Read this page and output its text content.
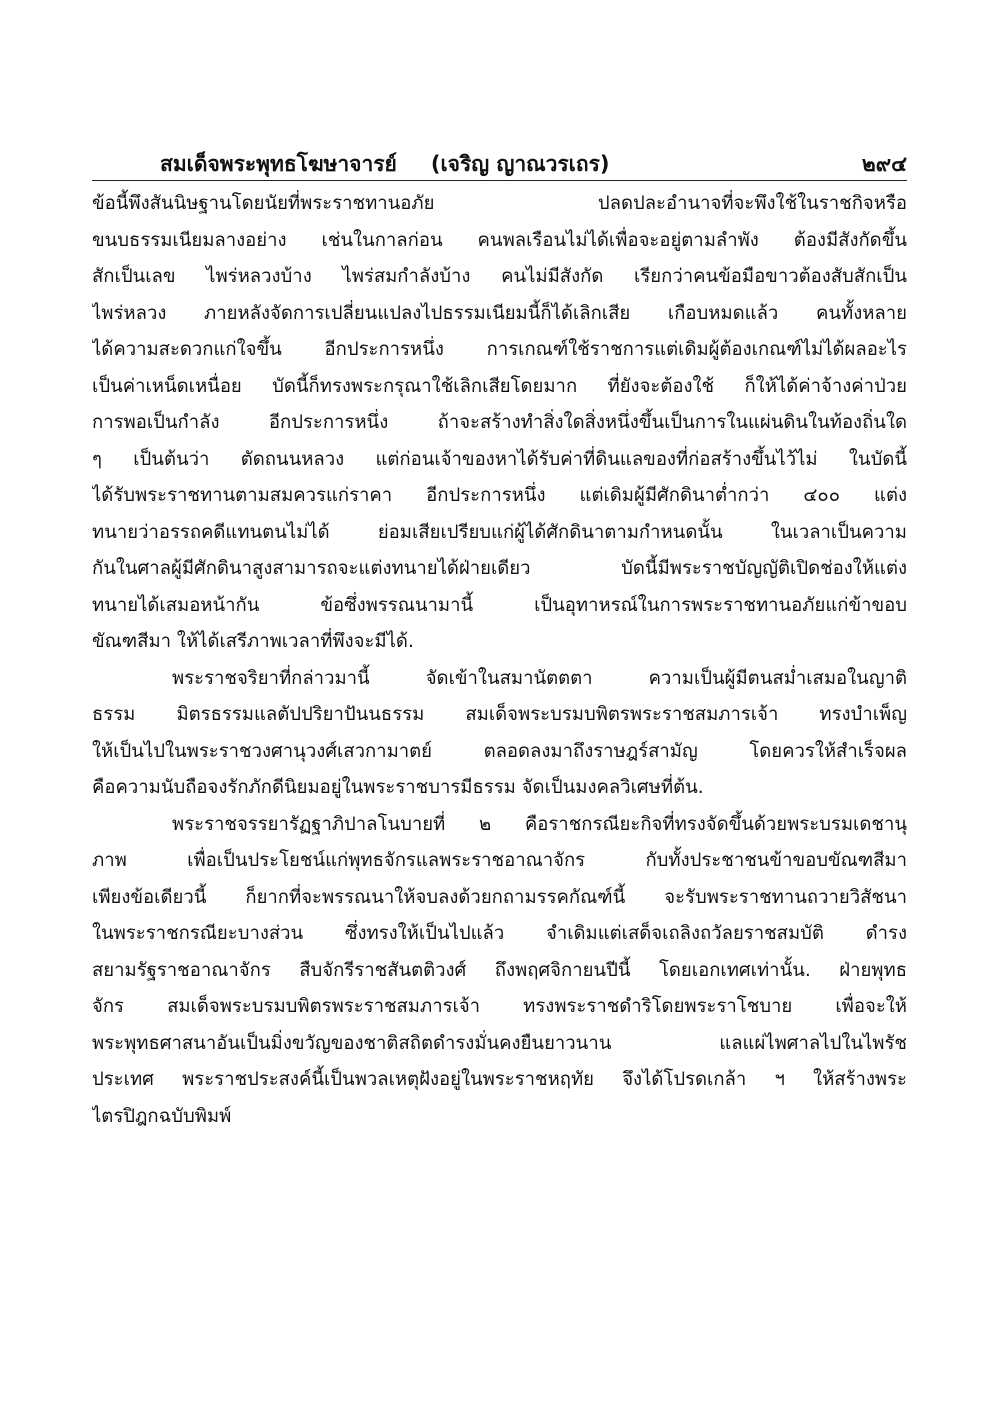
สมเด็จพระพุทธโฆษาจารย์ (เจริญ ญาณวรเถร)	๒๙๔
ข้อนี้พึงสันนิษฐานโดยนัยที่พระราชทานอภัย ปลดปละอำนาจที่จะพึงใช้ในราชกิจหรือ
ขนบธรรมเนียมลางอย่าง เช่นในกาลก่อน คนพลเรือนไม่ได้เพื่อจะอยู่ตามลำพัง ต้องมีสังกัดขึ้น
สักเป็นเลข ไพร่หลวงบ้าง ไพร่สมกำลังบ้าง คนไม่มีสังกัด เรียกว่าคนข้อมือขาวต้องสับสักเป็น
ไพร่หลวง ภายหลังจัดการเปลี่ยนแปลงไปธรรมเนียมนี้ก็ได้เลิกเสีย เกือบหมดแล้ว คนทั้งหลาย
ได้ความสะดวกแก่ใจขึ้น อีกประการหนึ่ง การเกณฑ์ใช้ราชการแต่เดิมผู้ต้องเกณฑ์ไม่ได้ผลอะไร
เป็นค่าเหน็ดเหนื่อย บัดนี้ก็ทรงพระกรุณาใช้เลิกเสียโดยมาก ที่ยังจะต้องใช้ ก็ให้ได้ค่าจ้างค่าป่วย
การพอเป็นกำลัง อีกประการหนึ่ง ถ้าจะสร้างทำสิ่งใดสิ่งหนึ่งขึ้นเป็นการในแผ่นดินในท้องถิ่นใด
ๆ เป็นต้นว่า ตัดถนนหลวง แต่ก่อนเจ้าของหาได้รับค่าที่ดินแลของที่ก่อสร้างขึ้นไว้ไม่ ในบัดนี้
ได้รับพระราชทานตามสมควรแก่ราคา อีกประการหนึ่ง แต่เดิมผู้มีศักดินาต่ำกว่า ๔๐๐ แต่ง
ทนายว่าอรรถคดีแทนตนไม่ได้ ย่อมเสียเปรียบแก่ผู้ได้ศักดินาตามกำหนดนั้น ในเวลาเป็นความ
กันในศาลผู้มีศักดินาสูงสามารถจะแต่งทนายได้ฝ่ายเดียว บัดนี้มีพระราชบัญญัติเปิดช่องให้แต่ง
ทนายได้เสมอหน้ากัน ข้อซึ่งพรรณนามานี้ เป็นอุทาหรณ์ในการพระราชทานอภัยแก่ข้าขอบ
ขัณฑสีมา ให้ได้เสรีภาพเวลาที่พึงจะมีได้.
พระราชจริยาที่กล่าวมานี้ จัดเข้าในสมานัตตตา ความเป็นผู้มีตนสม่ำเสมอในญาติ
ธรรม มิตรธรรมแลตัปปริยาปันนธรรม สมเด็จพระบรมบพิตรพระราชสมภารเจ้า ทรงบำเพ็ญ
ให้เป็นไปในพระราชวงศานุวงศ์เสวกามาตย์ ตลอดลงมาถึงราษฎร์สามัญ โดยควรให้สำเร็จผล
คือความนับถือจงรักภักดีนิยมอยู่ในพระราชบารมีธรรม จัดเป็นมงคลวิเศษที่ต้น.
พระราชจรรยารัฏฐาภิปาลโนบายที่ ๒ คือราชกรณียะกิจที่ทรงจัดขึ้นด้วยพระบรมเดชานุ
ภาพ เพื่อเป็นประโยชน์แก่พุทธจักรแลพระราชอาณาจักร กับทั้งประชาชนข้าขอบขัณฑสีมา
เพียงข้อเดียวนี้ ก็ยากที่จะพรรณนาให้จบลงด้วยกถามรรคกัณฑ์นี้ จะรับพระราชทานถวายวิสัชนา
ในพระราชกรณียะบางส่วน ซึ่งทรงให้เป็นไปแล้ว จำเดิมแต่เสด็จเถลิงถวัลยราชสมบัติ ดำรง
สยามรัฐราชอาณาจักร สืบจักรีราชสันตติวงศ์ ถึงพฤศจิกายนปีนี้ โดยเอกเทศเท่านั้น. ฝ่ายพุทธ
จักร สมเด็จพระบรมบพิตรพระราชสมภารเจ้า ทรงพระราชดำริโดยพระราโชบาย เพื่อจะให้
พระพุทธศาสนาอันเป็นมิ่งขวัญของชาติสถิตดำรงมั่นคงยืนยาวนาน แลแผ่ไพศาลไปในไพรัช
ประเทศ พระราชประสงค์นี้เป็นพวลเหตุฝังอยู่ในพระราชหฤทัย จึงได้โปรดเกล้า ฯ ให้สร้างพระ
ไตรปิฎกฉบับพิมพ์
